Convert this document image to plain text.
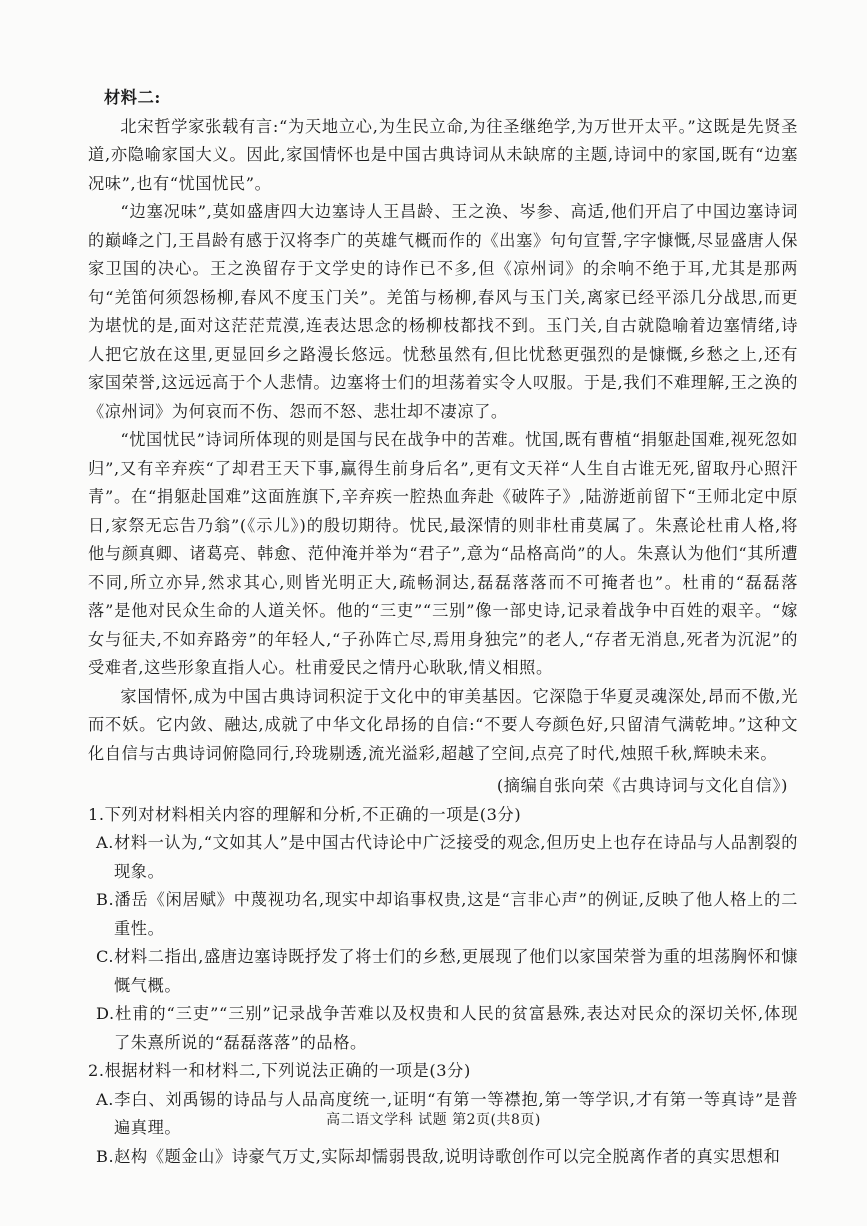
材料二:

北宋哲学家张载有言:“为天地立心,为生民立命,为往圣继绝学,为万世开太平。”这既是先贤圣道,亦隐喻家国大义。因此,家国情怀也是中国古典诗词从未缺席的主题,诗词中的家国,既有“边塞况味”,也有“忧国忧民”。

“边塞况味”,莫如盛唐四大边塞诗人王昌龄、王之涣、岑参、高适,他们开启了中国边塞诗词的巅峰之门,王昌龄有感于汉将李广的英雄气概而作的《出塞》句句宣誓,字字慷慨,尽显盛唐人保家卫国的决心。王之涣留存于文学史的诗作已不多,但《凉州词》的余响不绝于耳,尤其是那两句“羌笛何须怨杨柳,春风不度玉门关”。羌笛与杨柳,春风与玉门关,离家已经平添几分战思,而更为堪忧的是,面对这茫茫荒漠,连表达思念的杨柳枝都找不到。玉门关,自古就隐喻着边塞情绪,诗人把它放在这里,更显回乡之路漫长悠远。忧愁虽然有,但比忧愁更强烈的是慷慨,乡愁之上,还有家国荣誉,这远远高于个人悲情。边塞将士们的坦荡着实令人叹服。于是,我们不难理解,王之涣的《凉州词》为何哀而不伤、怨而不怒、悲壮却不凄凉了。

“忧国忧民”诗词所体现的则是国与民在战争中的苦难。忧国,既有曹植“捐躯赴国难,视死忽如归”,又有辛弃疾“了却君王天下事,赢得生前身后名”,更有文天祥“人生自古谁无死,留取丹心照汗青”。在“捐躯赴国难”这面旌旗下,辛弃疾一腔热血奔赴《破阵子》,陆游逝前留下“王师北定中原日,家祭无忘告乃翁”(《示儿》)的殷切期待。忧民,最深情的则非杜甫莫属了。朱熹论杜甫人格,将他与颜真卿、诸葛亮、韩愈、范仲淹并举为“君子”,意为“品格高尚”的人。朱熹认为他们“其所遭不同,所立亦异,然求其心,则皆光明正大,疏畅洞达,磊磊落落而不可掩者也”。杜甫的“磊磊落落”是他对民众生命的人道关怀。他的“三吏”“三别”像一部史诗,记录着战争中百姓的艰辛。“嫁女与征夫,不如弃路旁”的年轻人,“子孙阵亡尽,焉用身独完”的老人,“存者无消息,死者为沉泥”的受难者,这些形象直指人心。杜甫爱民之情丹心耿耿,情义相照。

家国情怀,成为中国古典诗词积淀于文化中的审美基因。它深隐于华夏灵魂深处,昂而不傲,光而不妖。它内敛、融达,成就了中华文化昂扬的自信:“不要人夸颜色好,只留清气满乾坤。”这种文化自信与古典诗词俯隐同行,玲珑剔透,流光溢彩,超越了空间,点亮了时代,烛照千秋,辉映未来。

(摘编自张向荣《古典诗词与文化自信》)

1.下列对材料相关内容的理解和分析,不正确的一项是(3分)

A.材料一认为,“文如其人”是中国古代诗论中广泛接受的观念,但历史上也存在诗品与人品割裂的现象。

B.潘岳《闲居赋》中蔑视功名,现实中却谄事权贵,这是“言非心声”的例证,反映了他人格上的二重性。

C.材料二指出,盛唐边塞诗既抒发了将士们的乡愁,更展现了他们以家国荣誉为重的坦荡胸怀和慷慨气概。

D.杜甫的“三吏”“三别”记录战争苦难以及权贵和人民的贫富悬殊,表达对民众的深切关怀,体现了朱熹所说的“磊磊落落”的品格。

2.根据材料一和材料二,下列说法正确的一项是(3分)

A.李白、刘禹锡的诗品与人品高度统一,证明“有第一等襟抱,第一等学识,才有第一等真诗”是普遍真理。

B.赵构《题金山》诗豪气万丈,实际却懦弱畏敌,说明诗歌创作可以完全脱离作者的真实思想和

高二语文学科 试题 第2页(共8页)
